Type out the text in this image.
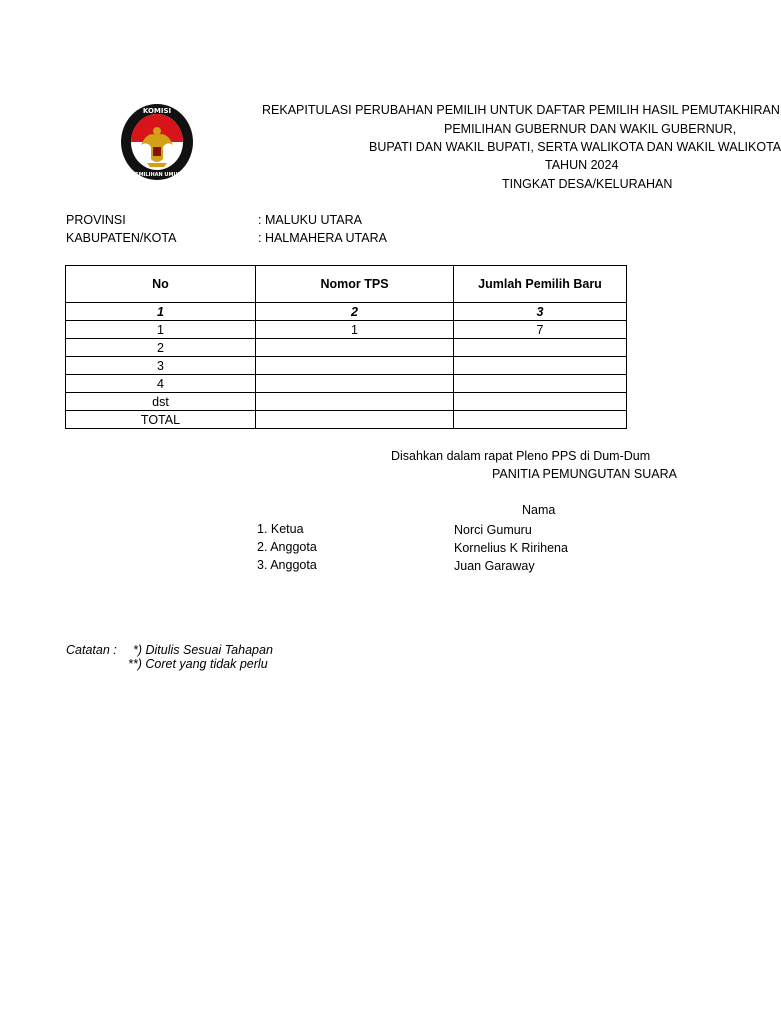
KOMISI
PEMILIHAN UMUM
REKAPITULASI PERUBAHAN PEMILIH UNTUK DAFTAR PEMILIH HASIL PEMUTAKHIRAN
PEMILIHAN GUBERNUR DAN WAKIL GUBERNUR,
BUPATI DAN WAKIL BUPATI, SERTA WALIKOTA DAN WAKIL WALIKOTA
TAHUN 2024
TINGKAT DESA/KELURAHAN
PROVINSI	: MALUKU UTARA
KABUPATEN/KOTA	: HALMAHERA UTARA
No	Nomor TPS	Jumlah Pemilih Baru
1	2	3
1	1	7
2		
3		
4		
dst		
TOTAL		
Disahkan dalam rapat Pleno PPS di Dum-Dum
PANITIA PEMUNGUTAN SUARA
Nama
1. Ketua	Norci Gumuru
2. Anggota	Kornelius K Ririhena
3. Anggota	Juan Garaway
Catatan : *) Ditulis Sesuai Tahapan
**) Coret yang tidak perlu
